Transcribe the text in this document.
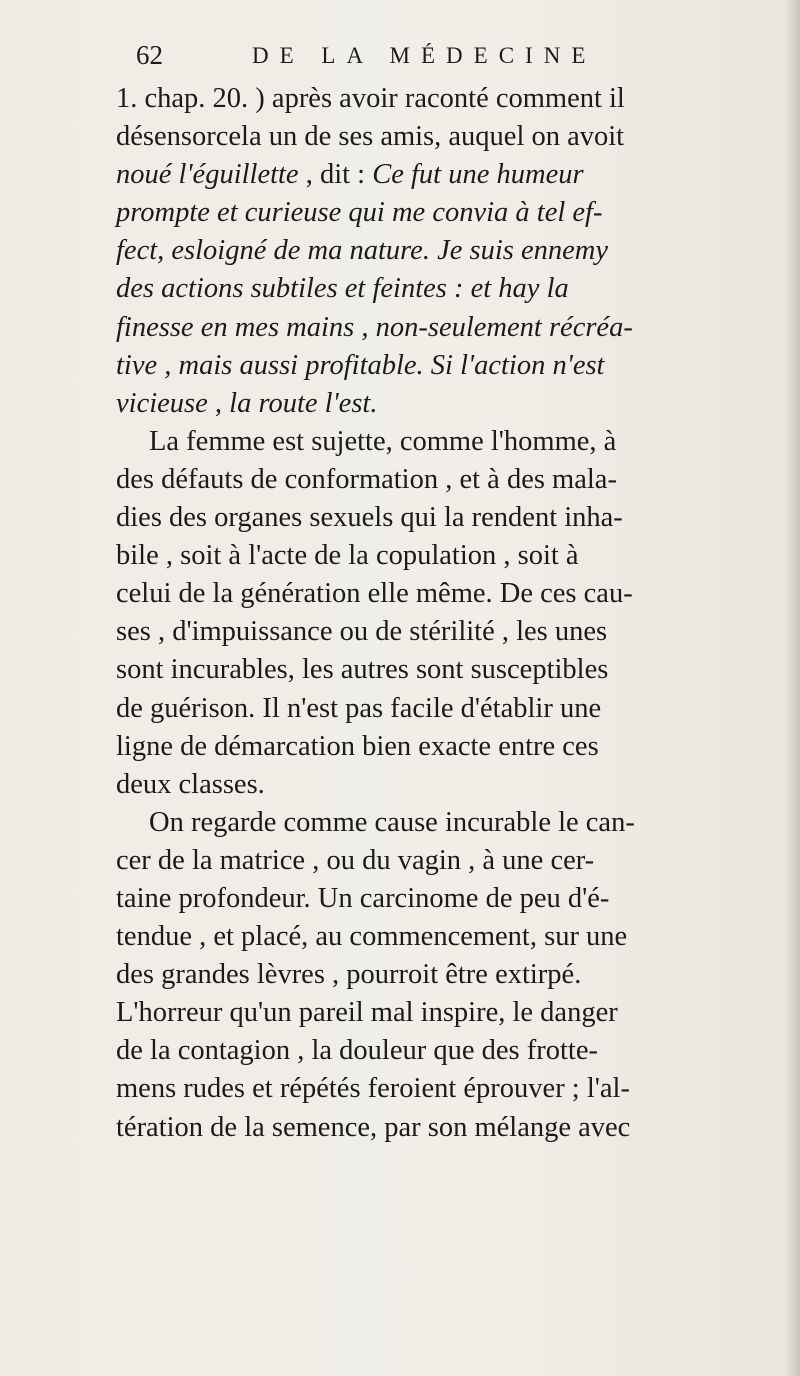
62	DE LA MÉDECINE
1. chap. 20. ) après avoir raconté comment il
désensorcela un de ses amis, auquel on avoit
noué l'éguillette , dit : Ce fut une humeur
prompte et curieuse qui me convia à tel ef-
fect, esloigné de ma nature. Je suis ennemy
des actions subtiles et feintes : et hay la
finesse en mes mains , non-seulement récréa-
tive , mais aussi profitable. Si l'action n'est
vicieuse , la route l'est.
La femme est sujette, comme l'homme, à
des défauts de conformation , et à des mala-
dies des organes sexuels qui la rendent inha-
bile , soit à l'acte de la copulation , soit à
celui de la génération elle même. De ces cau-
ses , d'impuissance ou de stérilité , les unes
sont incurables, les autres sont susceptibles
de guérison. Il n'est pas facile d'établir une
ligne de démarcation bien exacte entre ces
deux classes.
On regarde comme cause incurable le can-
cer de la matrice , ou du vagin , à une cer-
taine profondeur. Un carcinome de peu d'é-
tendue , et placé, au commencement, sur une
des grandes lèvres , pourroit être extirpé.
L'horreur qu'un pareil mal inspire, le danger
de la contagion , la douleur que des frotte-
mens rudes et répétés feroient éprouver ; l'al-
tération de la semence, par son mélange avec
